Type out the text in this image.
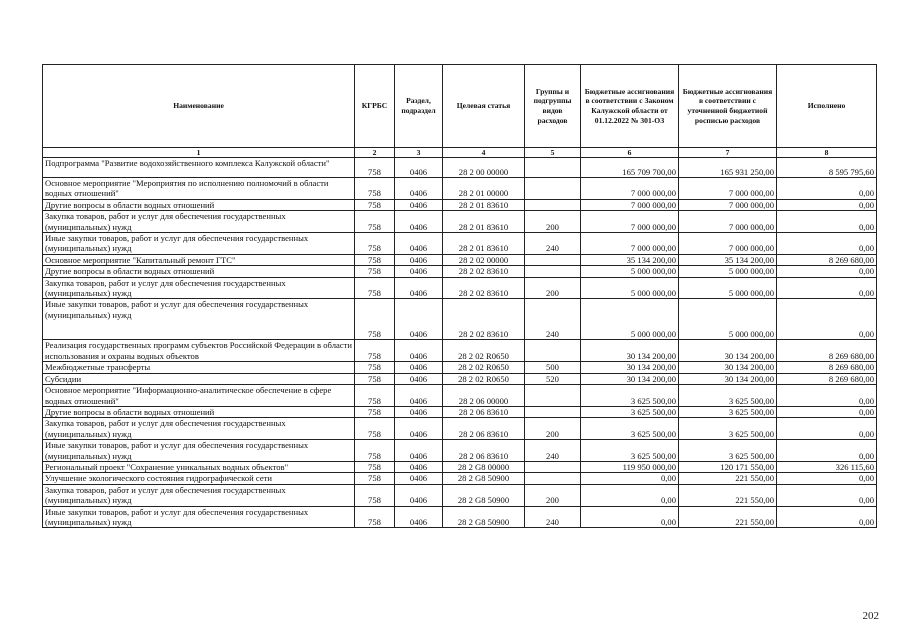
Наименование	КГРБС	Раздел, подраздел	Целевая статья	Группы и подгруппы видов расходов	Бюджетные ассигнования в соответствии с Законом Калужской области от 01.12.2022 № 301-ОЗ	Бюджетные ассигнования в соответствии с уточненной бюджетной росписью расходов	Исполнено
1	2	3	4	5	6	7	8
Подпрограмма "Развитие водохозяйственного комплекса Калужской области"	758	0406	28 2 00 00000		165 709 700,00	165 931 250,00	8 595 795,60
Основное мероприятие "Мероприятия по исполнению полномочий в области водных отношений"	758	0406	28 2 01 00000		7 000 000,00	7 000 000,00	0,00
Другие вопросы в области водных отношений	758	0406	28 2 01 83610		7 000 000,00	7 000 000,00	0,00
Закупка товаров, работ и услуг для обеспечения государственных (муниципальных) нужд	758	0406	28 2 01 83610	200	7 000 000,00	7 000 000,00	0,00
Иные закупки товаров, работ и услуг для обеспечения государственных (муниципальных) нужд	758	0406	28 2 01 83610	240	7 000 000,00	7 000 000,00	0,00
Основное мероприятие "Капитальный ремонт ГТС"	758	0406	28 2 02 00000		35 134 200,00	35 134 200,00	8 269 680,00
Другие вопросы в области водных отношений	758	0406	28 2 02 83610		5 000 000,00	5 000 000,00	0,00
Закупка товаров, работ и услуг для обеспечения государственных (муниципальных) нужд	758	0406	28 2 02 83610	200	5 000 000,00	5 000 000,00	0,00
Иные закупки товаров, работ и услуг для обеспечения государственных (муниципальных) нужд	758	0406	28 2 02 83610	240	5 000 000,00	5 000 000,00	0,00
Реализация государственных программ субъектов Российской Федерации в области использования и охраны водных объектов	758	0406	28 2 02 R0650		30 134 200,00	30 134 200,00	8 269 680,00
Межбюджетные трансферты	758	0406	28 2 02 R0650	500	30 134 200,00	30 134 200,00	8 269 680,00
Субсидии	758	0406	28 2 02 R0650	520	30 134 200,00	30 134 200,00	8 269 680,00
Основное мероприятие "Информационно-аналитическое обеспечение в сфере водных отношений"	758	0406	28 2 06 00000		3 625 500,00	3 625 500,00	0,00
Другие вопросы в области водных отношений	758	0406	28 2 06 83610		3 625 500,00	3 625 500,00	0,00
Закупка товаров, работ и услуг для обеспечения государственных (муниципальных) нужд	758	0406	28 2 06 83610	200	3 625 500,00	3 625 500,00	0,00
Иные закупки товаров, работ и услуг для обеспечения государственных (муниципальных) нужд	758	0406	28 2 06 83610	240	3 625 500,00	3 625 500,00	0,00
Региональный проект "Сохранение уникальных водных объектов"	758	0406	28 2 G8 00000		119 950 000,00	120 171 550,00	326 115,60
Улучшение экологического состояния гидрографической сети	758	0406	28 2 G8 50900		0,00	221 550,00	0,00
Закупка товаров, работ и услуг для обеспечения государственных (муниципальных) нужд	758	0406	28 2 G8 50900	200	0,00	221 550,00	0,00
Иные закупки товаров, работ и услуг для обеспечения государственных (муниципальных) нужд	758	0406	28 2 G8 50900	240	0,00	221 550,00	0,00
202
